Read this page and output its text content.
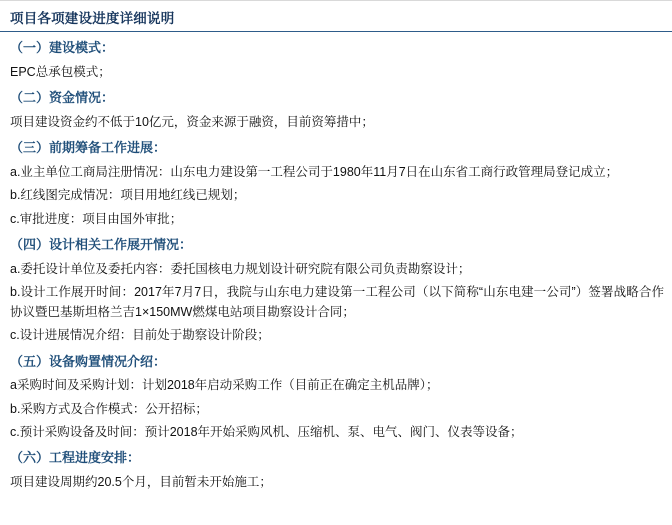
项目各项建设进度详细说明
（一）建设模式：
EPC总承包模式；
（二）资金情况：
项目建设资金约不低于10亿元，资金来源于融资，目前资筹措中；
（三）前期筹备工作进展：
a.业主单位工商局注册情况：山东电力建设第一工程公司于1980年11月7日在山东省工商行政管理局登记成立；
b.红线图完成情况：项目用地红线已规划；
c.审批进度：项目由国外审批；
（四）设计相关工作展开情况：
a.委托设计单位及委托内容：委托国核电力规划设计研究院有限公司负责勘察设计；
b.设计工作展开时间：2017年7月7日，我院与山东电力建设第一工程公司（以下简称“山东电建一公司”）签署战略合作协议暨巴基斯坦格兰吉1×150MW燃煤电站项目勘察设计合同；
c.设计进展情况介绍：目前处于勘察设计阶段；
（五）设备购置情况介绍：
a采购时间及采购计划：计划2018年启动采购工作（目前正在确定主机品牌）；
b.采购方式及合作模式：公开招标；
c.预计采购设备及时间：预计2018年开始采购风机、压缩机、泵、电气、阀门、仪表等设备；
（六）工程进度安排：
项目建设周期约20.5个月，目前暂未开始施工；
